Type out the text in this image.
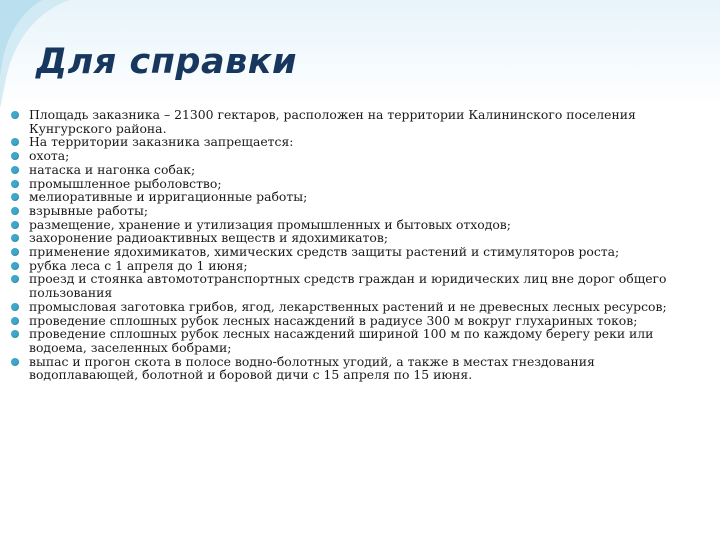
Для справки
Площадь заказника – 21300 гектаров, расположен на территории Калининского поселения Кунгурского района.
На территории заказника запрещается:
охота;
натаска и нагонка собак;
промышленное рыболовство;
мелиоративные и ирригационные работы;
взрывные работы;
размещение, хранение и утилизация промышленных и бытовых отходов;
захоронение радиоактивных веществ и ядохимикатов;
применение ядохимикатов, химических средств защиты растений и стимуляторов роста;
рубка леса с 1 апреля до 1 июня;
проезд и стоянка автомототранспортных средств граждан и юридических лиц вне дорог общего пользования
промысловая заготовка грибов, ягод, лекарственных растений и не древесных лесных ресурсов;
проведение сплошных рубок лесных насаждений в радиусе 300 м вокруг глухариных токов;
проведение сплошных рубок лесных насаждений шириной 100 м по каждому берегу реки или водоема, заселенных бобрами;
выпас и прогон скота в полосе водно-болотных угодий, а также в местах гнездования водоплавающей, болотной и боровой дичи с 15 апреля по 15 июня.
